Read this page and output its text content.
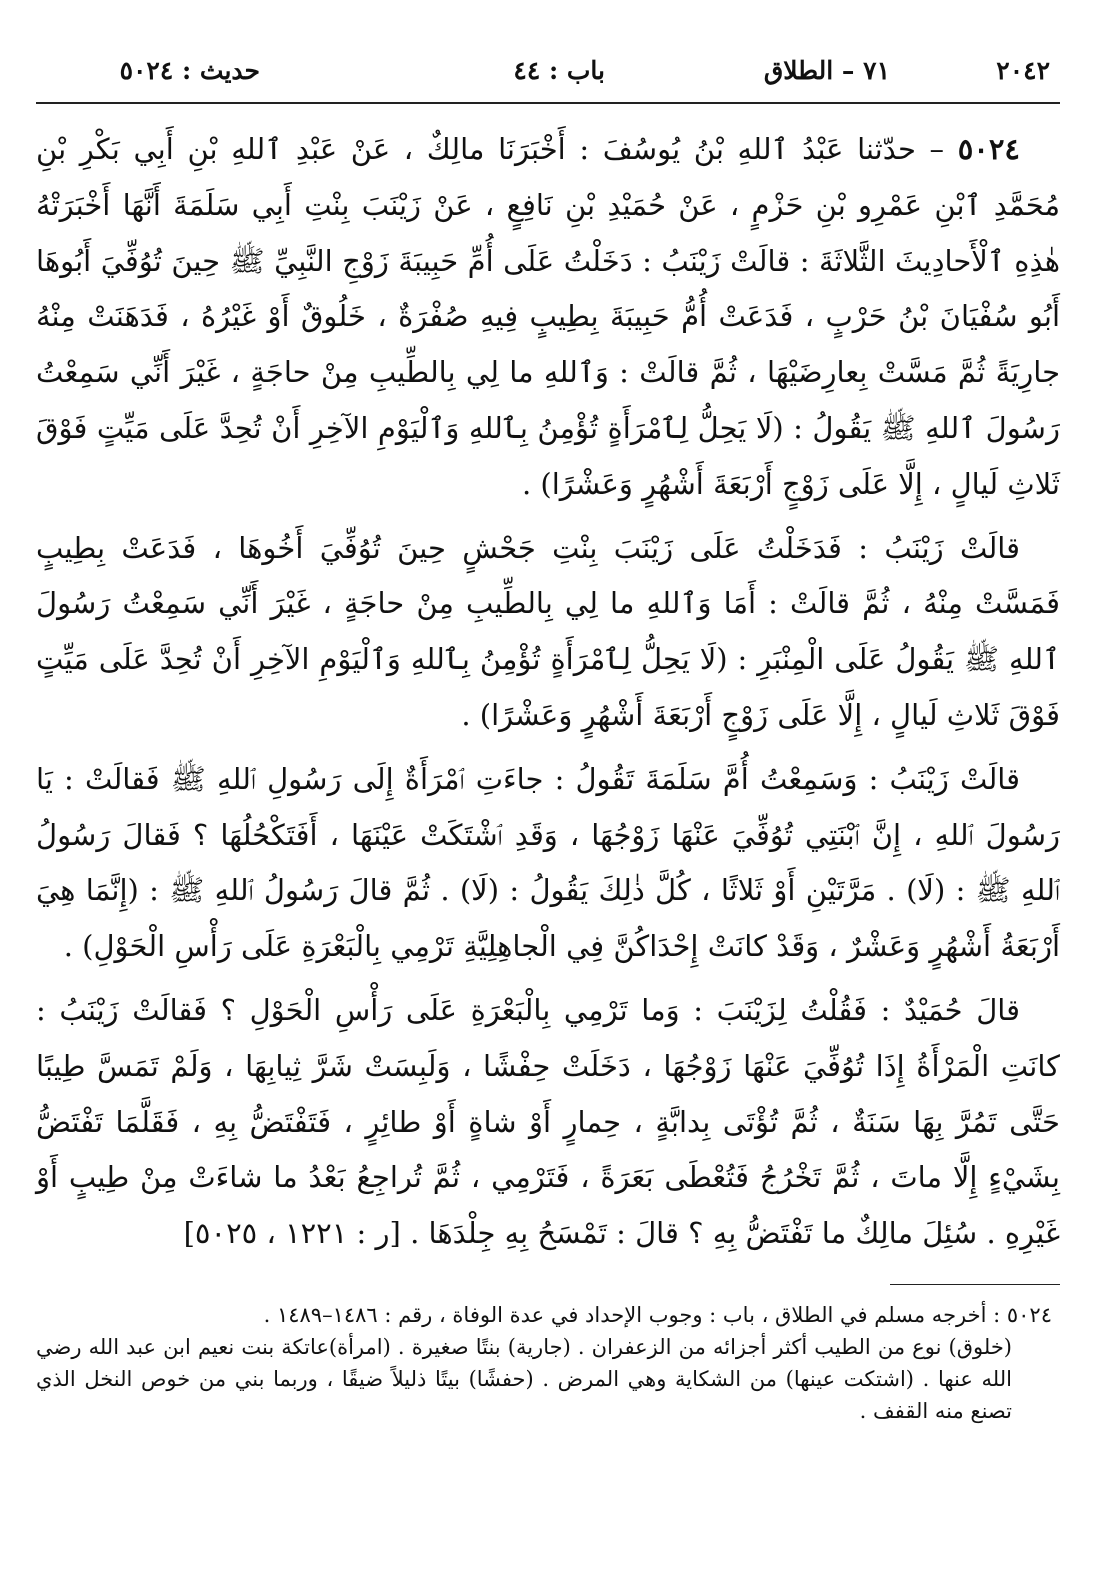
٢٠٤٢
٧١ – الطلاق
باب : ٤٤
حديث : ٥٠٢٤

٥٠٢٤ – حدّثنا عَبْدُ ٱللهِ بْنُ يُوسُفَ : أَخْبَرَنَا مالِكٌ ، عَنْ عَبْدِ ٱللهِ بْنِ أَبِي بَكْرِ بْنِ مُحَمَّدِ ٱبْنِ عَمْرِو بْنِ حَزْمٍ ، عَنْ حُمَيْدِ بْنِ نَافِعٍ ، عَنْ زَيْنَبَ بِنْتِ أَبِي سَلَمَةَ أَنَّهَا أَخْبَرَتْهُ هٰذِهِ ٱلْأَحادِيثَ الثَّلاثَةَ : قالَتْ زَيْنَبُ : دَخَلْتُ عَلَى أُمِّ حَبِيبَةَ زَوْجِ النَّبِيِّ ﷺ حِينَ تُوُفِّيَ أَبُوهَا أَبُو سُفْيَانَ بْنُ حَرْبٍ ، فَدَعَتْ أُمُّ حَبِيبَةَ بِطِيبٍ فِيهِ صُفْرَةٌ ، خَلُوقٌ أَوْ غَيْرُهُ ، فَدَهَنَتْ مِنْهُ جارِيَةً ثُمَّ مَسَّتْ بِعارِضَيْهَا ، ثُمَّ قالَتْ : وَٱللهِ ما لِي بِالطِّيبِ مِنْ حاجَةٍ ، غَيْرَ أَنِّي سَمِعْتُ رَسُولَ ٱللهِ ﷺ يَقُولُ : (لَا يَحِلُّ لِٱمْرَأَةٍ تُؤْمِنُ بِٱللهِ وَٱلْيَوْمِ الآخِرِ أَنْ تُحِدَّ عَلَى مَيِّتٍ فَوْقَ ثَلاثِ لَيالٍ ، إِلَّا عَلَى زَوْجٍ أَرْبَعَةَ أَشْهُرٍ وَعَشْرًا) .

قالَتْ زَيْنَبُ : فَدَخَلْتُ عَلَى زَيْنَبَ بِنْتِ جَحْشٍ حِينَ تُوُفِّيَ أَخُوهَا ، فَدَعَتْ بِطِيبٍ فَمَسَّتْ مِنْهُ ، ثُمَّ قالَتْ : أَمَا وَٱللهِ ما لِي بِالطِّيبِ مِنْ حاجَةٍ ، غَيْرَ أَنِّي سَمِعْتُ رَسُولَ ٱللهِ ﷺ يَقُولُ عَلَى الْمِنْبَرِ : (لَا يَحِلُّ لِٱمْرَأَةٍ تُؤْمِنُ بِٱللهِ وَٱلْيَوْمِ الآخِرِ أَنْ تُحِدَّ عَلَى مَيِّتٍ فَوْقَ ثَلاثِ لَيالٍ ، إِلَّا عَلَى زَوْجٍ أَرْبَعَةَ أَشْهُرٍ وَعَشْرًا) .

قالَتْ زَيْنَبُ : وَسَمِعْتُ أُمَّ سَلَمَةَ تَقُولُ : جاءَتِ ٱمْرَأَةٌ إِلَى رَسُولِ ٱللهِ ﷺ فَقالَتْ : يَا رَسُولَ ٱللهِ ، إِنَّ ٱبْنَتِي تُوُفِّيَ عَنْهَا زَوْجُهَا ، وَقَدِ ٱشْتَكَتْ عَيْنَهَا ، أَفَتَكْحُلُهَا ؟ فَقالَ رَسُولُ ٱللهِ ﷺ : (لَا) . مَرَّتَيْنِ أَوْ ثَلاثًا ، كُلَّ ذٰلِكَ يَقُولُ : (لَا) . ثُمَّ قالَ رَسُولُ ٱللهِ ﷺ : (إِنَّمَا هِيَ أَرْبَعَةُ أَشْهُرٍ وَعَشْرٌ ، وَقَدْ كانَتْ إِحْدَاكُنَّ فِي الْجاهِلِيَّةِ تَرْمِي بِالْبَعْرَةِ عَلَى رَأْسِ الْحَوْلِ) .

قالَ حُمَيْدٌ : فَقُلْتُ لِزَيْنَبَ : وَما تَرْمِي بِالْبَعْرَةِ عَلَى رَأْسِ الْحَوْلِ ؟ فَقالَتْ زَيْنَبُ : كانَتِ الْمَرْأَةُ إِذَا تُوُفِّيَ عَنْهَا زَوْجُهَا ، دَخَلَتْ حِفْشًا ، وَلَبِسَتْ شَرَّ ثِيابِهَا ، وَلَمْ تَمَسَّ طِيبًا حَتَّى تَمُرَّ بِهَا سَنَةٌ ، ثُمَّ تُؤْتَى بِدابَّةٍ ، حِمارٍ أَوْ شاةٍ أَوْ طائِرٍ ، فَتَفْتَضُّ بِهِ ، فَقَلَّمَا تَفْتَضُّ بِشَيْءٍ إِلَّا ماتَ ، ثُمَّ تَخْرُجُ فَتُعْطَى بَعَرَةً ، فَتَرْمِي ، ثُمَّ تُراجِعُ بَعْدُ ما شاءَتْ مِنْ طِيبٍ أَوْ غَيْرِهِ . سُئِلَ مالِكٌ ما تَفْتَضُّ بِهِ ؟ قالَ : تَمْسَحُ بِهِ جِلْدَهَا . [ر : ١٢٢١ ، ٥٠٢٥]

٥٠٢٤ : أخرجه مسلم في الطلاق ، باب : وجوب الإحداد في عدة الوفاة ، رقم : ١٤٨٦–١٤٨٩ .

(خلوق) نوع من الطيب أكثر أجزائه من الزعفران . (جارية) بنتًا صغيرة . (امرأة)عاتكة بنت نعيم ابن عبد الله رضي الله عنها . (اشتكت عينها) من الشكاية وهي المرض . (حفشًا) بيتًا ذليلاً ضيقًا ، وربما بني من خوص النخل الذي تصنع منه القفف .
